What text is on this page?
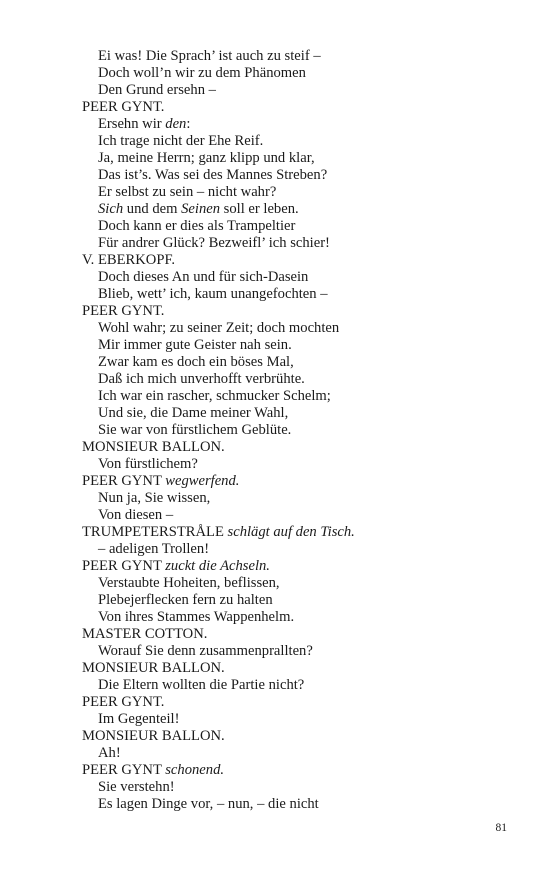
Ei was! Die Sprach’ ist auch zu steif –
Doch woll’n wir zu dem Phänomen
Den Grund ersehn –
PEER GYNT.
Ersehn wir den:
Ich trage nicht der Ehe Reif.
Ja, meine Herrn; ganz klipp und klar,
Das ist’s. Was sei des Mannes Streben?
Er selbst zu sein – nicht wahr?
Sich und dem Seinen soll er leben.
Doch kann er dies als Trampeltier
Für andrer Glück? Bezweifl’ ich schier!
V. EBERKOPF.
Doch dieses An und für sich-Dasein
Blieb, wett’ ich, kaum unangefochten –
PEER GYNT.
Wohl wahr; zu seiner Zeit; doch mochten
Mir immer gute Geister nah sein.
Zwar kam es doch ein böses Mal,
Daß ich mich unverhofft verbrühte.
Ich war ein rascher, schmucker Schelm;
Und sie, die Dame meiner Wahl,
Sie war von fürstlichem Geblüte.
MONSIEUR BALLON.
Von fürstlichem?
PEER GYNT wegwerfend.
Nun ja, Sie wissen,
Von diesen –
TRUMPETERSTRÅLE schlägt auf den Tisch.
– adeligen Trollen!
PEER GYNT zuckt die Achseln.
Verstaubte Hoheiten, beflissen,
Plebejerflecken fern zu halten
Von ihres Stammes Wappenhelm.
MASTER COTTON.
Worauf Sie denn zusammenprallten?
MONSIEUR BALLON.
Die Eltern wollten die Partie nicht?
PEER GYNT.
Im Gegenteil!
MONSIEUR BALLON.
Ah!
PEER GYNT schonend.
Sie verstehn!
Es lagen Dinge vor, – nun, – die nicht
81
